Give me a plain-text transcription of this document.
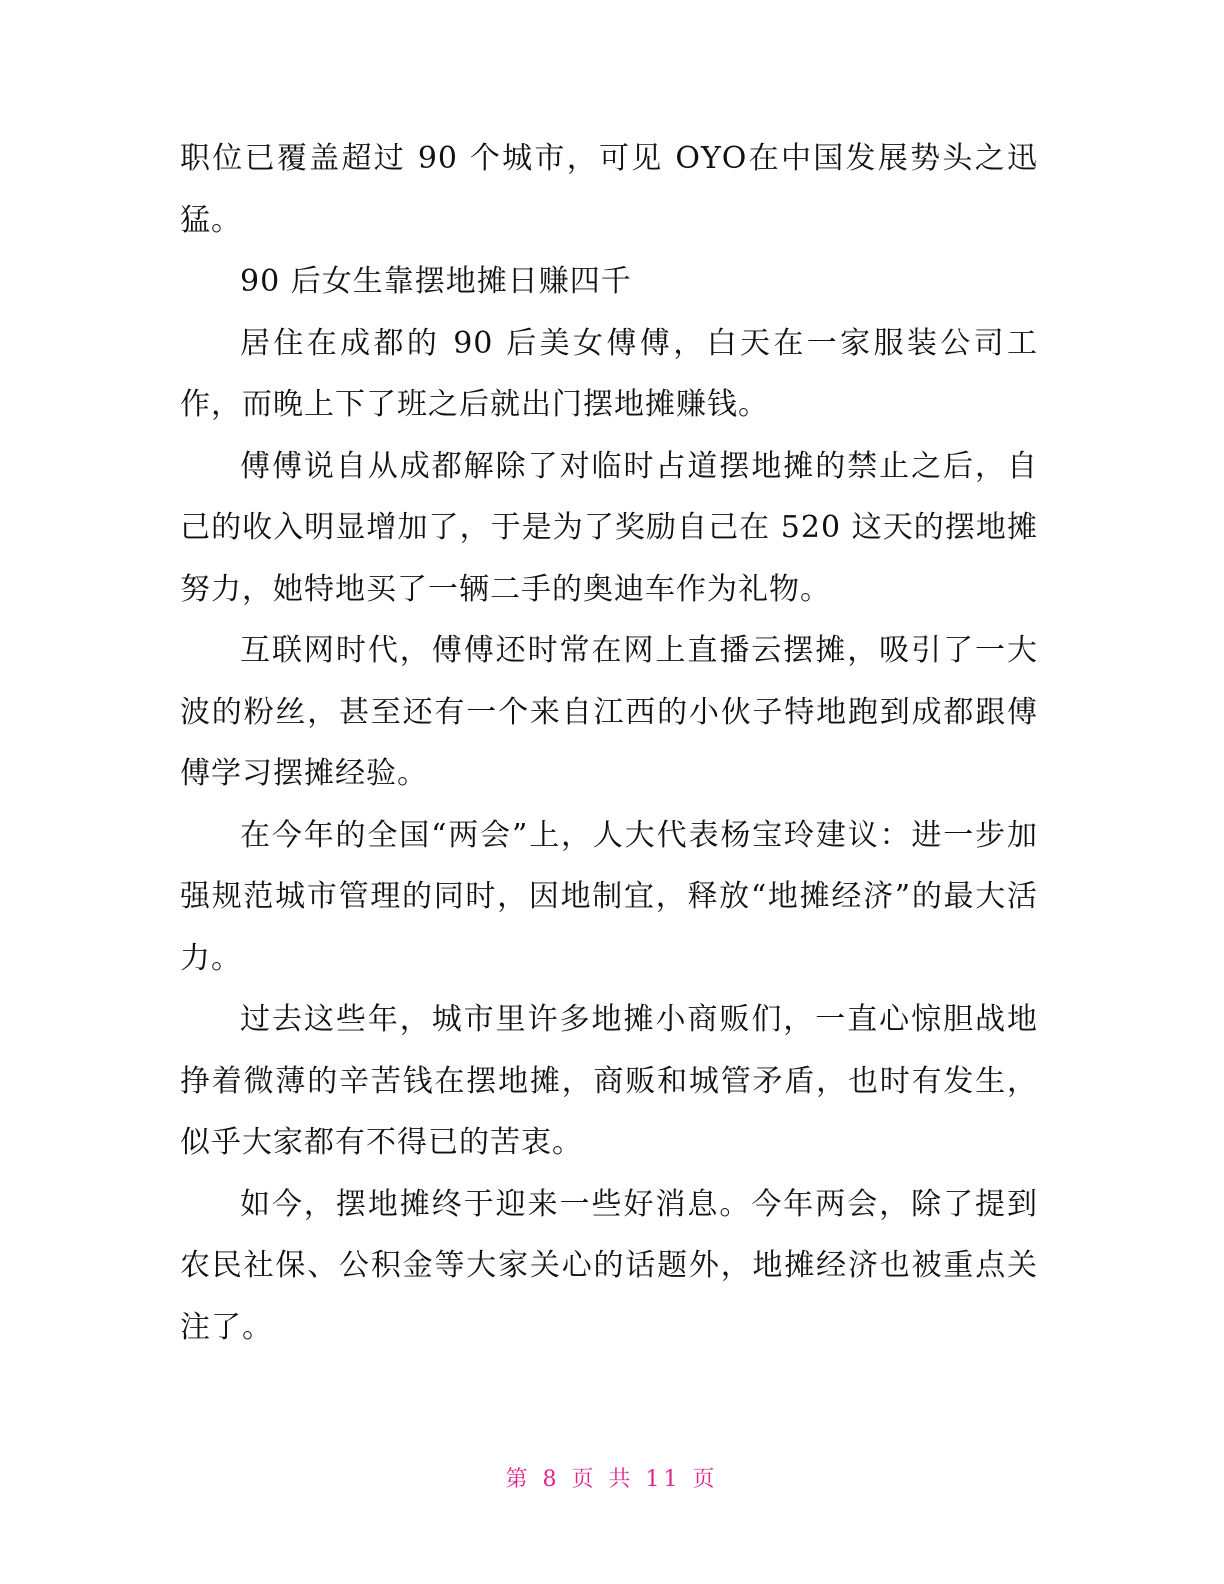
职位已覆盖超过 90 个城市，可见 OYO在中国发展势头之迅猛。

90 后女生靠摆地摊日赚四千

居住在成都的 90 后美女傅傅，白天在一家服装公司工作，而晚上下了班之后就出门摆地摊赚钱。

傅傅说自从成都解除了对临时占道摆地摊的禁止之后，自己的收入明显增加了，于是为了奖励自己在 520 这天的摆地摊努力，她特地买了一辆二手的奥迪车作为礼物。

互联网时代，傅傅还时常在网上直播云摆摊，吸引了一大波的粉丝，甚至还有一个来自江西的小伙子特地跑到成都跟傅傅学习摆摊经验。

在今年的全国“两会”上，人大代表杨宝玲建议：进一步加强规范城市管理的同时，因地制宜，释放“地摊经济”的最大活力。

过去这些年，城市里许多地摊小商贩们，一直心惊胆战地挣着微薄的辛苦钱在摆地摊，商贩和城管矛盾，也时有发生，似乎大家都有不得已的苦衷。

如今，摆地摊终于迎来一些好消息。今年两会，除了提到农民社保、公积金等大家关心的话题外，地摊经济也被重点关注了。

第 8 页 共 11 页
